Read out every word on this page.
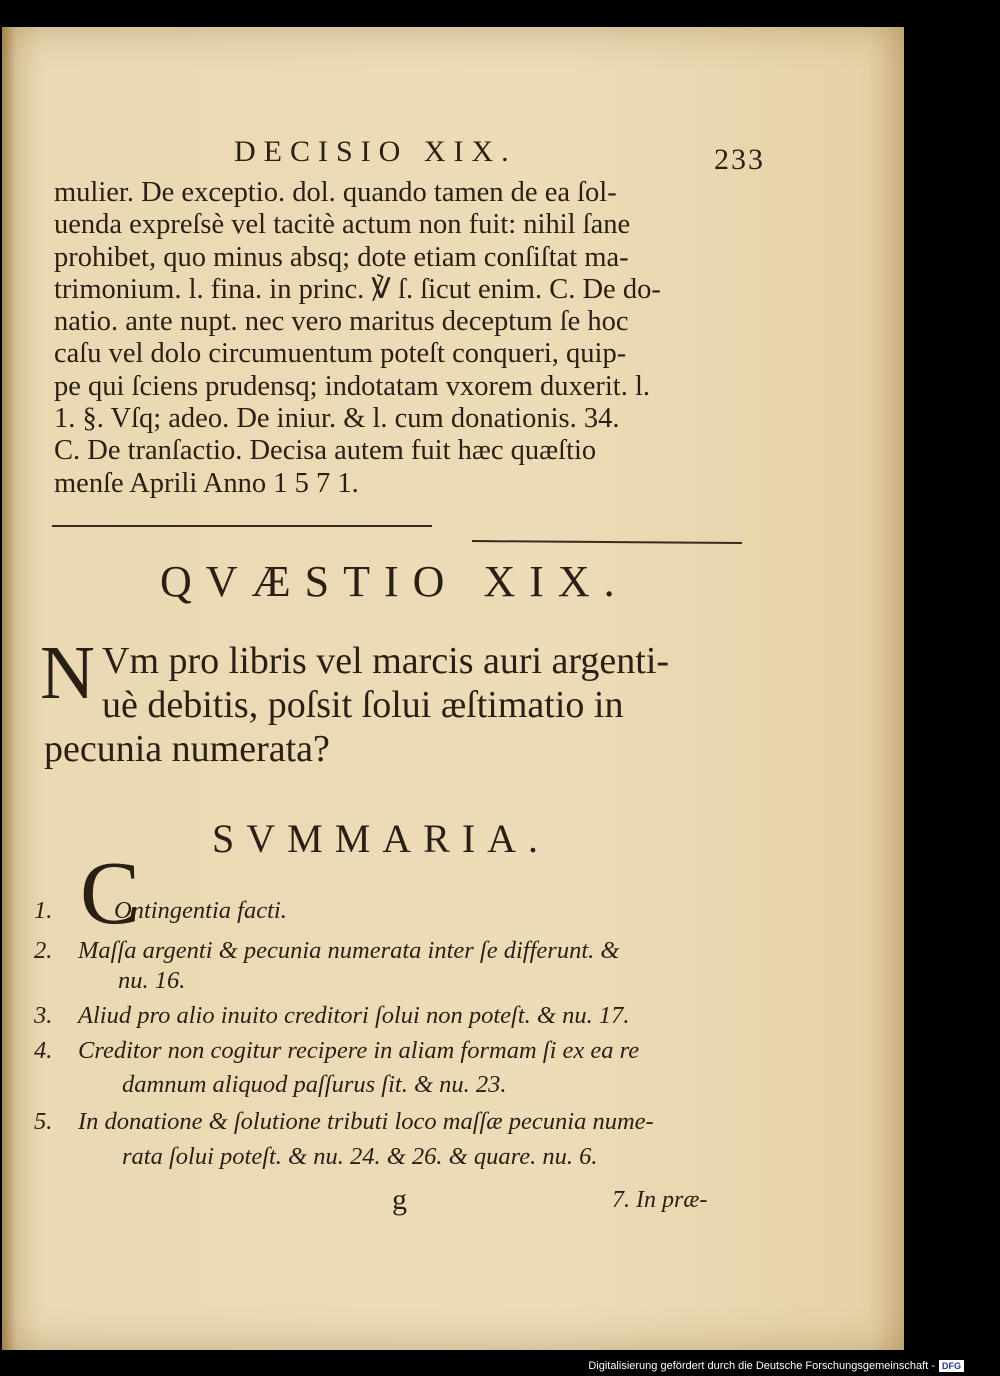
DECISIO XIX.	233
mulier. De exceptio. dol. quando tamen de ea ſol-
uenda expreſsè vel tacitè actum non fuit: nihil ſane
prohibet, quo minus absq; dote etiam conſiſtat ma-
trimonium. l. fina. in princ. ℣ ſ. ſicut enim. C. De do-
natio. ante nupt. nec vero maritus deceptum ſe hoc
caſu vel dolo circumuentum poteſt conqueri, quip-
pe qui ſciens prudensq; indotatam vxorem duxerit. l.
1. §. Vſq; adeo. De iniur. & l. cum donationis. 34.
C. De tranſactio. Decisa autem fuit hæc quæſtio
menſe Aprili Anno 1 5 7 1.
QVÆSTIO XIX.
N Vm pro libris vel marcis auri argenti-
uè debitis, poſsit ſolui æſtimatio in
pecunia numerata?
SVMMARIA.
C
1.	Ontingentia facti.
2. Maſſa argenti & pecunia numerata inter ſe differunt. &
nu. 16.
3. Aliud pro alio inuito creditori ſolui non poteſt. & nu. 17.
4. Creditor non cogitur recipere in aliam formam ſi ex ea re
damnum aliquod paſſurus ſit. & nu. 23.
5. In donatione & ſolutione tributi loco maſſæ pecunia nume-
rata ſolui poteſt. & nu. 24. & 26. & quare. nu. 6.
g	7. In præ-
Digitalisierung gefördert durch die Deutsche Forschungsgemeinschaft - DFG
